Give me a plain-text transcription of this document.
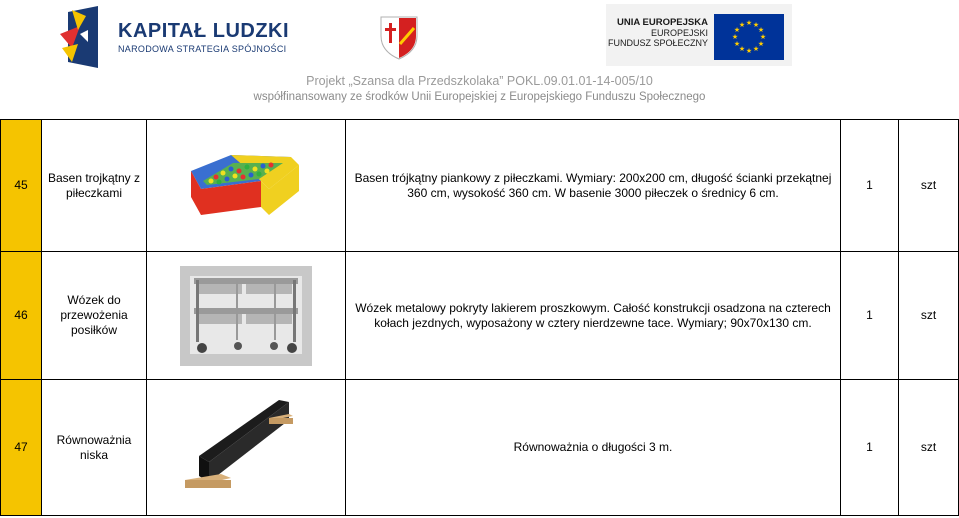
KAPITAŁ LUDZKI
NARODOWA STRATEGIA SPÓJNOŚCI
UNIA EUROPEJSKA
EUROPEJSKI
FUNDUSZ SPOŁECZNY
★ ★
★
★
★
★
★
★
★
★
★
★
Projekt „Szansa dla Przedszkolaka” POKL.09.01.01-14-005/10
współfinansowany ze środków Unii Europejskiej z Europejskiego Funduszu Społecznego
45	Basen trojkątny z piłeczkami		Basen trójkątny piankowy z piłeczkami. Wymiary: 200x200 cm, długość ścianki przekątnej 360 cm, wysokość 360 cm. W basenie 3000 piłeczek o średnicy 6 cm.	1	szt
46	Wózek do przewożenia posiłków		Wózek metalowy pokryty lakierem proszkowym. Całość konstrukcji osadzona na czterech kołach jezdnych, wyposażony w cztery nierdzewne tace. Wymiary; 90x70x130 cm.	1	szt
47	Równoważnia niska		Równoważnia o długości 3 m.	1	szt
